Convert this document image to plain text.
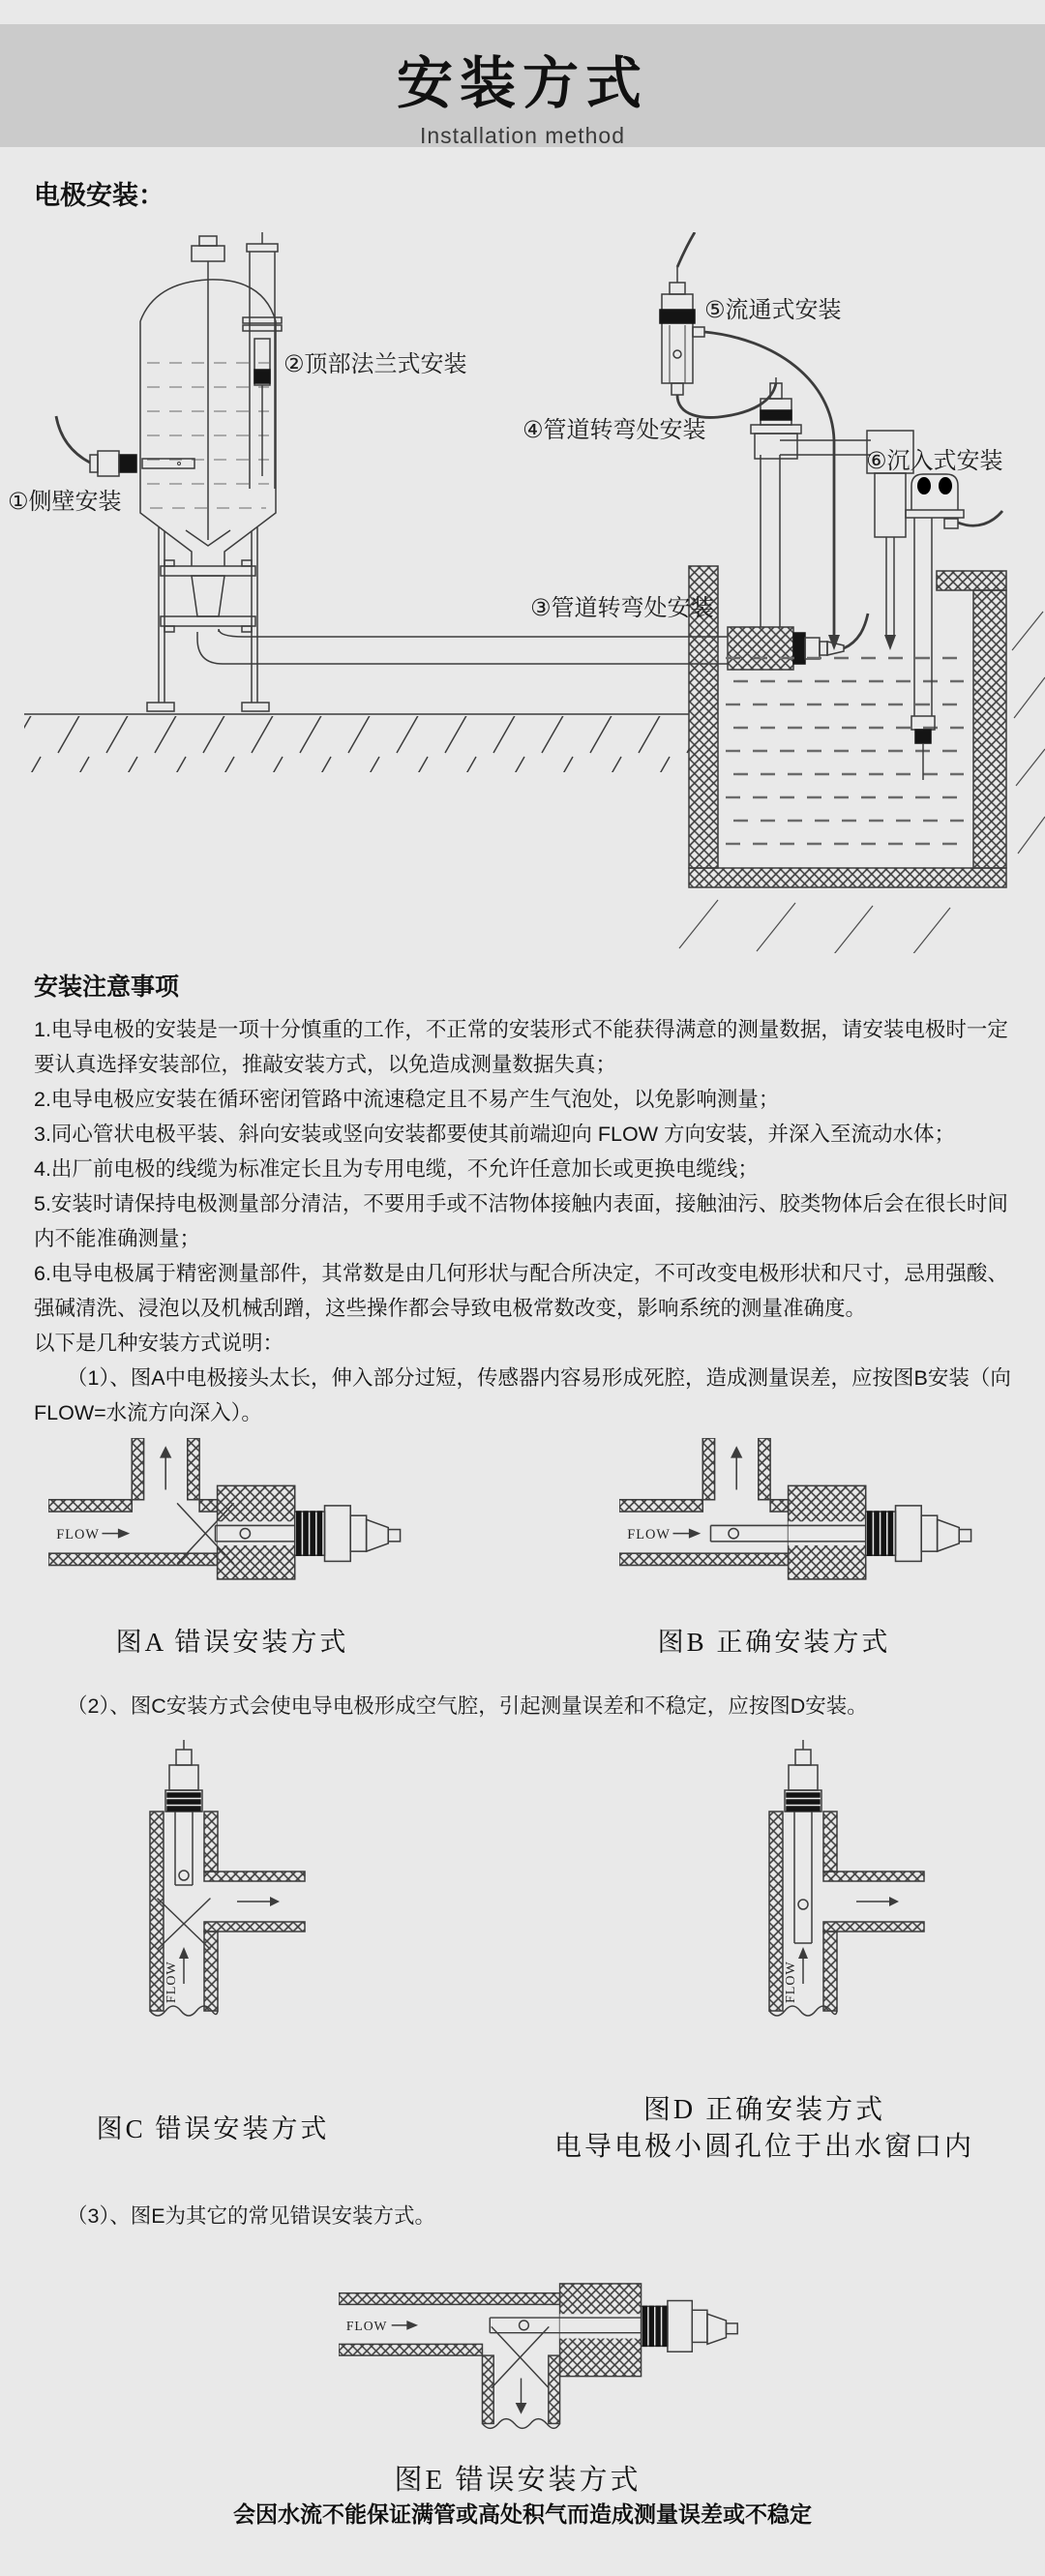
安装方式
Installation method
电极安装：
①侧壁安装
②顶部法兰式安装
③管道转弯处安装
④管道转弯处安装
⑤流通式安装
⑥沉入式安装
安装注意事项

1.电导电极的安装是一项十分慎重的工作，不正常的安装形式不能获得满意的测量数据，请安装电极时一定要认真选择安装部位，推敲安装方式，以免造成测量数据失真；

2.电导电极应安装在循环密闭管路中流速稳定且不易产生气泡处，以免影响测量；

3.同心管状电极平装、斜向安装或竖向安装都要使其前端迎向 FLOW 方向安装，并深入至流动水体；

4.出厂前电极的线缆为标准定长且为专用电缆，不允许任意加长或更换电缆线；

5.安装时请保持电极测量部分清洁，不要用手或不洁物体接触内表面，接触油污、胶类物体后会在很长时间内不能准确测量；

6.电导电极属于精密测量部件，其常数是由几何形状与配合所决定，不可改变电极形状和尺寸，忌用强酸、强碱清洗、浸泡以及机械刮蹭，这些操作都会导致电极常数改变，影响系统的测量准确度。

以下是几种安装方式说明：

（1）、图A中电极接头太长，伸入部分过短，传感器内容易形成死腔，造成测量误差，应按图B安装（向FLOW=水流方向深入）。

FLOW	FLOW
图A 错误安装方式	图B 正确安装方式
（2）、图C安装方式会使电导电极形成空气腔，引起测量误差和不稳定，应按图D安装。
FLOW	FLOW
图C 错误安装方式
图D 正确安装方式
电导电极小圆孔位于出水窗口内
（3）、图E为其它的常见错误安装方式。
FLOW
图E 错误安装方式
会因水流不能保证满管或高处积气而造成测量误差或不稳定
